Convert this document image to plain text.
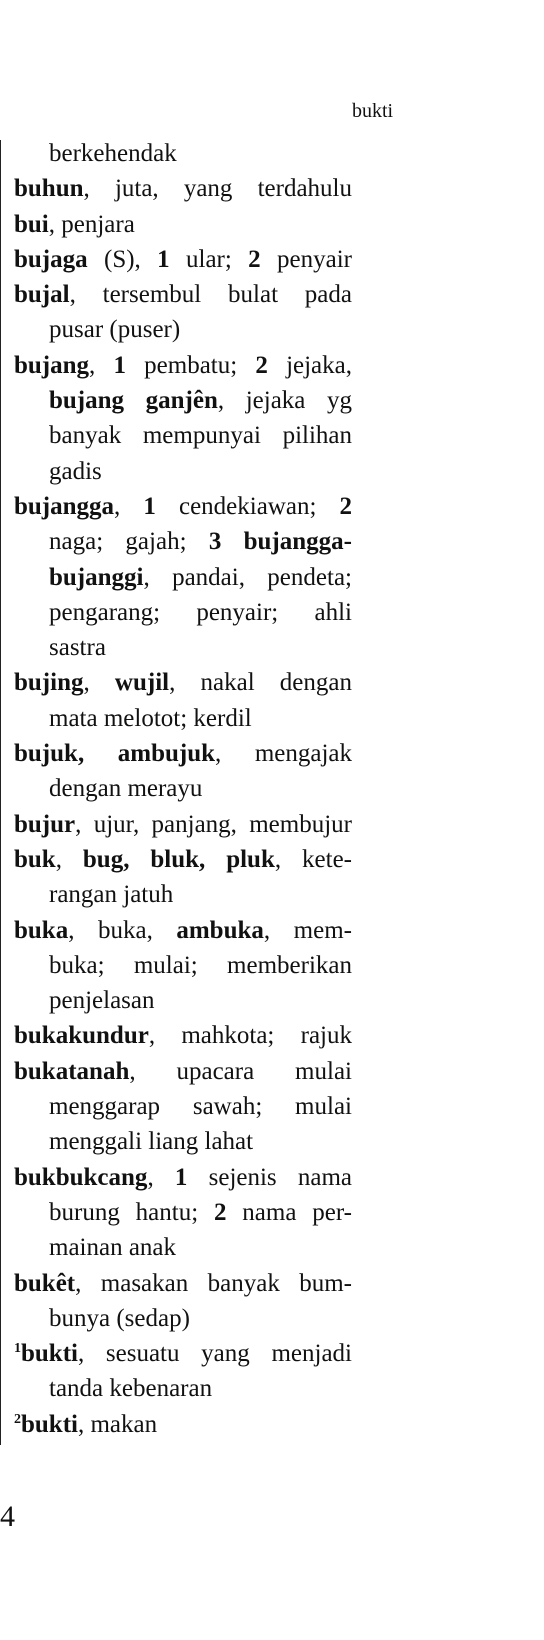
bukti
berkehendak
buhun, juta, yang terdahulu
bui, penjara
bujaga (S), 1 ular; 2 penyair
bujal, tersembul bulat pada
pusar (puser)
bujang, 1 pembatu; 2 jejaka,
bujang ganjên, jejaka yg
banyak mempunyai pilihan
gadis
bujangga, 1 cendekiawan; 2
naga; gajah; 3 bujangga-
bujanggi, pandai, pendeta;
pengarang; penyair; ahli
sastra
bujing, wujil, nakal dengan
mata melotot; kerdil
bujuk, ambujuk, mengajak
dengan merayu
bujur, ujur, panjang, membujur
buk, bug, bluk, pluk, kete-
rangan jatuh
buka, buka, ambuka, mem-
buka; mulai; memberikan
penjelasan
bukakundur, mahkota; rajuk
bukatanah, upacara mulai
menggarap sawah; mulai
menggali liang lahat
bukbukcang, 1 sejenis nama
burung hantu; 2 nama per-
mainan anak
bukêt, masakan banyak bum-
bunya (sedap)
$^1$bukti, sesuatu yang menjadi
tanda kebenaran
$^2$bukti, makan
4
